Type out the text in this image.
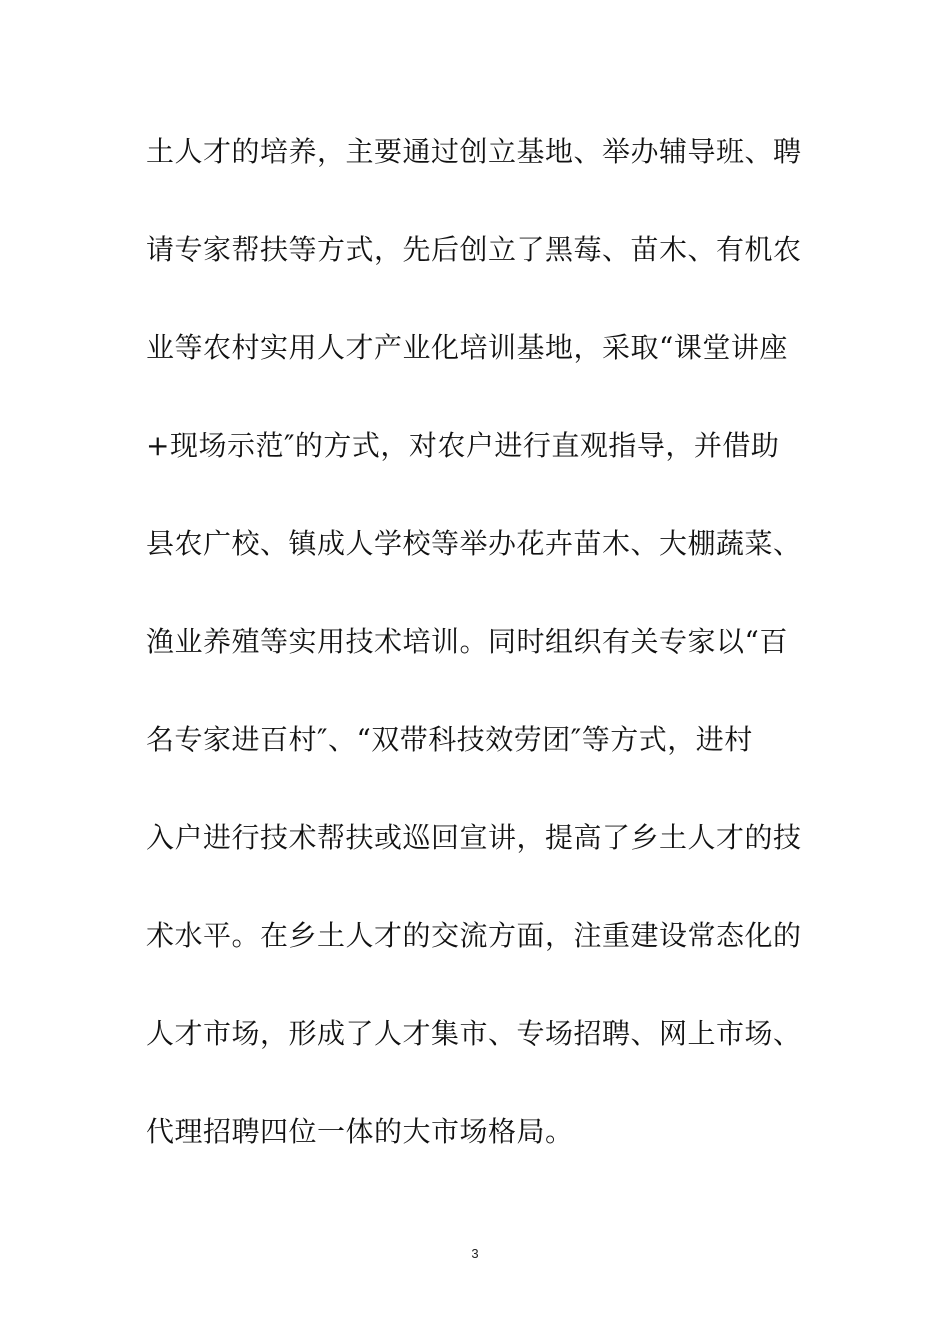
土人才的培养，主要通过创立基地、举办辅导班、聘
请专家帮扶等方式，先后创立了黑莓、苗木、有机农
业等农村实用人才产业化培训基地，采取“课堂讲座
+现场示范″的方式，对农户进行直观指导，并借助
县农广校、镇成人学校等举办花卉苗木、大棚蔬菜、
渔业养殖等实用技术培训。同时组织有关专家以“百
名专家进百村″、“双带科技效劳团″等方式，进村
入户进行技术帮扶或巡回宣讲，提高了乡土人才的技
术水平。在乡土人才的交流方面，注重建设常态化的
人才市场，形成了人才集市、专场招聘、网上市场、
代理招聘四位一体的大市场格局。
3
